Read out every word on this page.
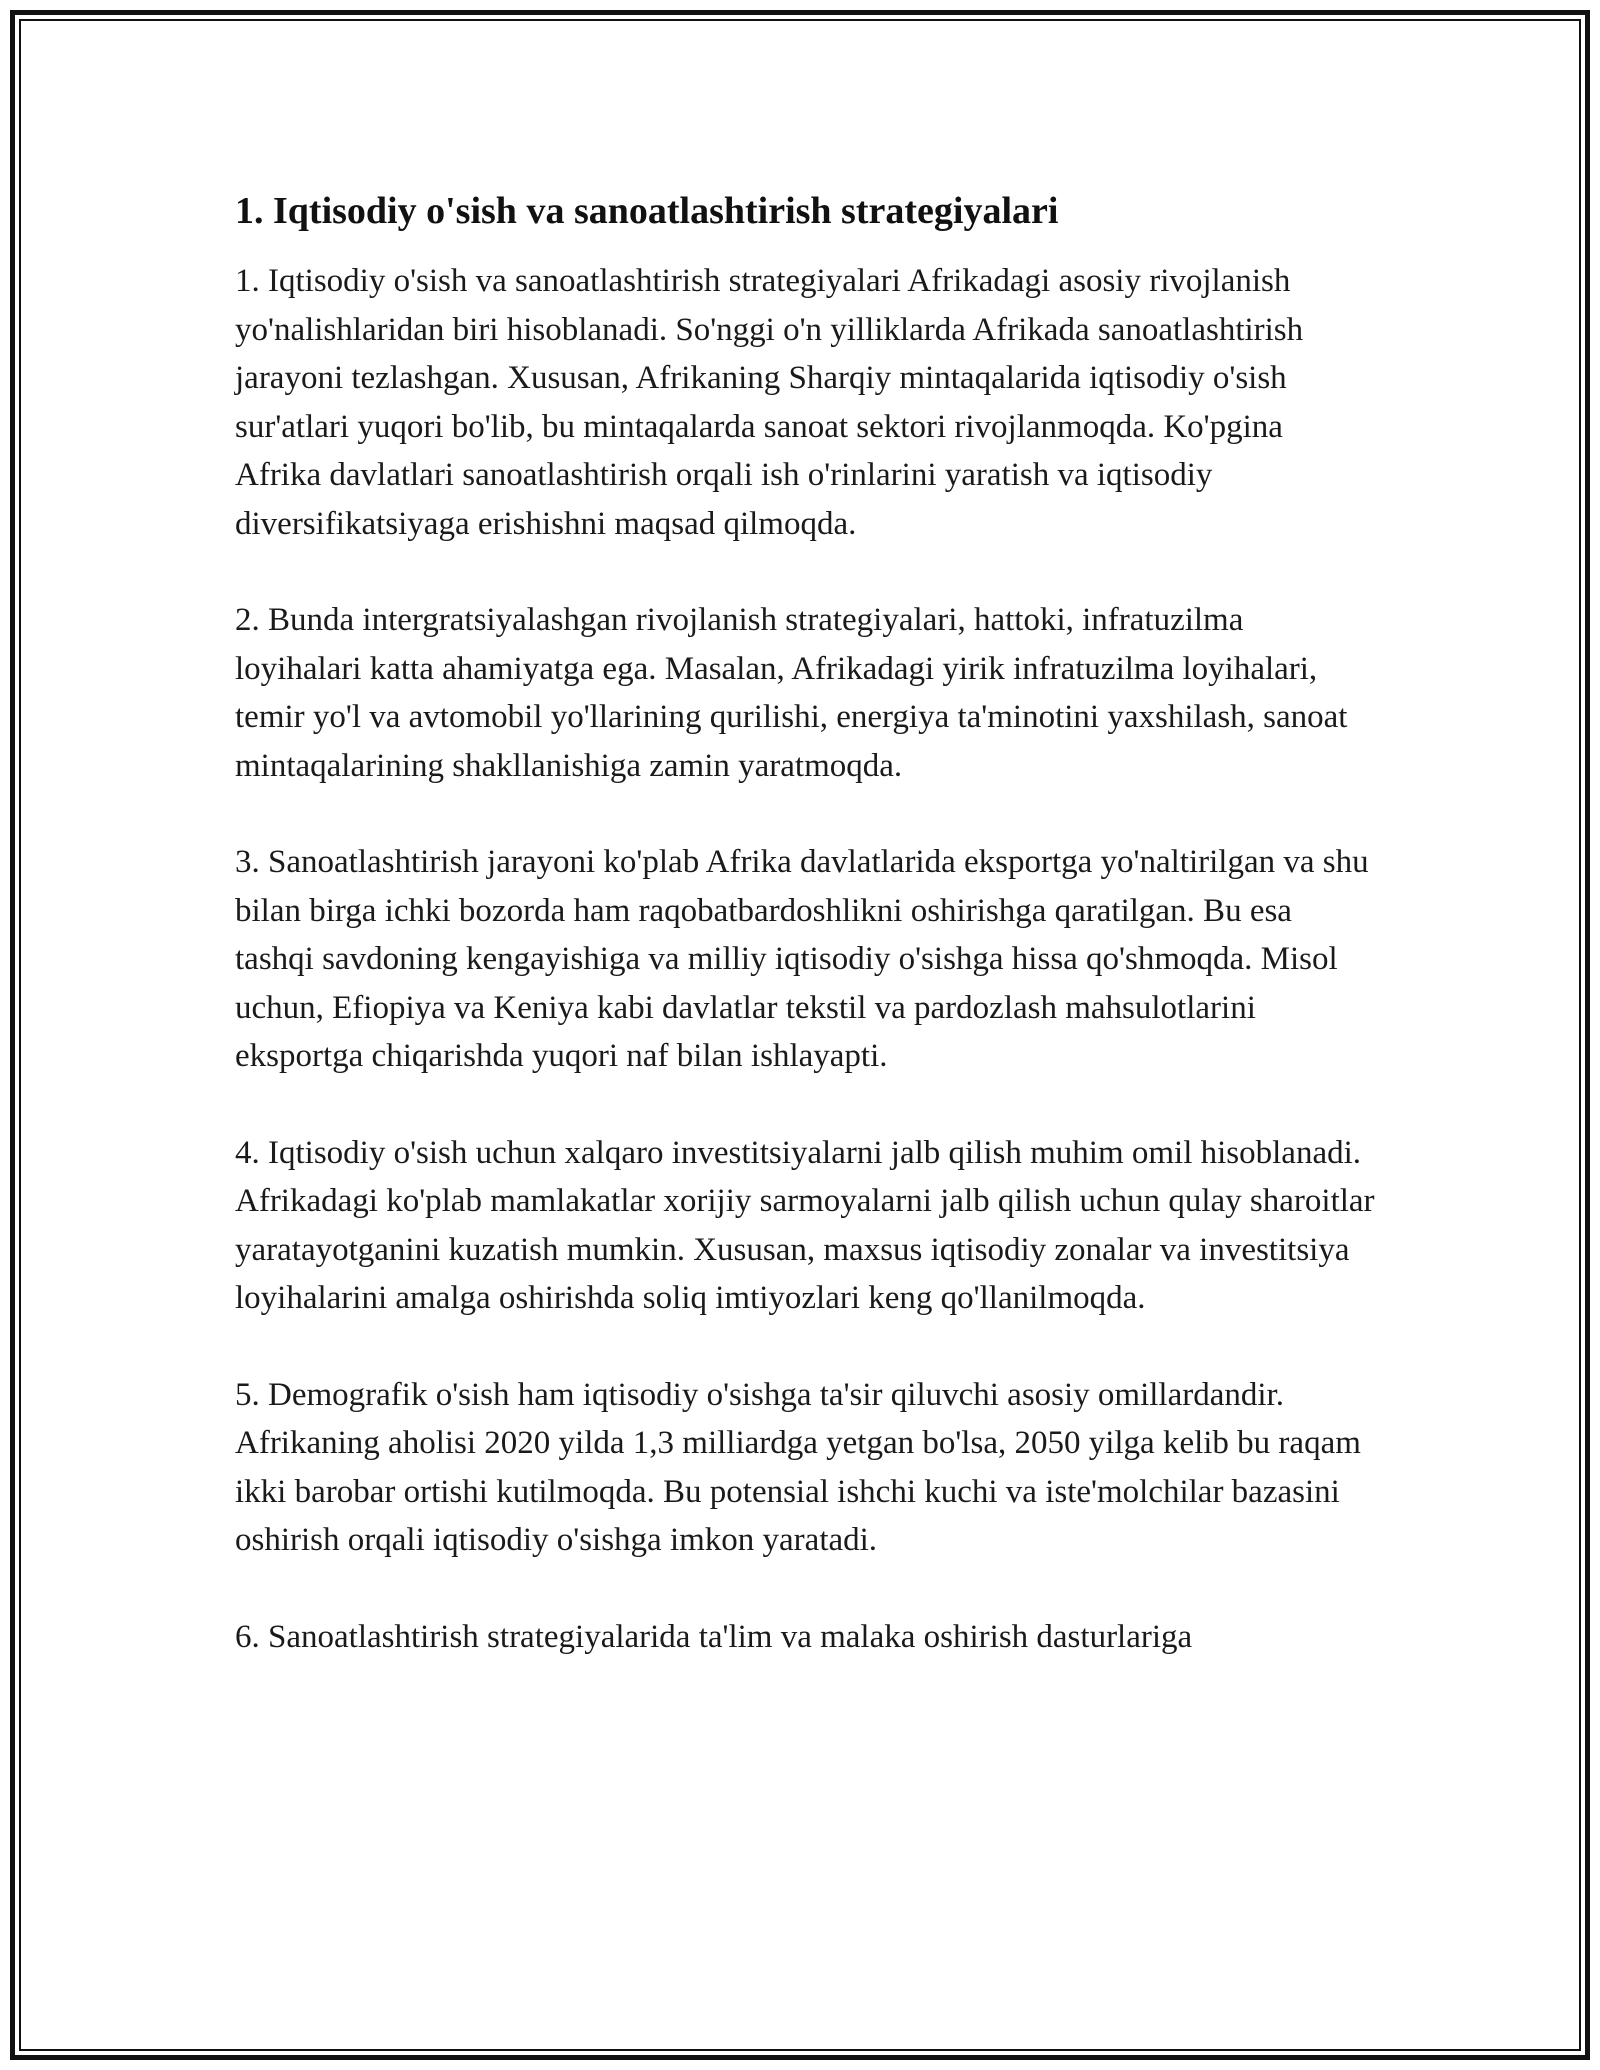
1. Iqtisodiy o'sish va sanoatlashtirish strategiyalari

1. Iqtisodiy o'sish va sanoatlashtirish strategiyalari Afrikadagi asosiy rivojlanish yo'nalishlaridan biri hisoblanadi. So'nggi o'n yilliklarda Afrikada sanoatlashtirish jarayoni tezlashgan. Xususan, Afrikaning Sharqiy mintaqalarida iqtisodiy o'sish sur'atlari yuqori bo'lib, bu mintaqalarda sanoat sektori rivojlanmoqda. Ko'pgina Afrika davlatlari sanoatlashtirish orqali ish o'rinlarini yaratish va iqtisodiy diversifikatsiyaga erishishni maqsad qilmoqda.

2. Bunda intergratsiyalashgan rivojlanish strategiyalari, hattoki, infratuzilma loyihalari katta ahamiyatga ega. Masalan, Afrikadagi yirik infratuzilma loyihalari, temir yo'l va avtomobil yo'llarining qurilishi, energiya ta'minotini yaxshilash, sanoat mintaqalarining shakllanishiga zamin yaratmoqda.

3. Sanoatlashtirish jarayoni ko'plab Afrika davlatlarida eksportga yo'naltirilgan va shu bilan birga ichki bozorda ham raqobatbardoshlikni oshirishga qaratilgan. Bu esa tashqi savdoning kengayishiga va milliy iqtisodiy o'sishga hissa qo'shmoqda. Misol uchun, Efiopiya va Keniya kabi davlatlar tekstil va pardozlash mahsulotlarini eksportga chiqarishda yuqori naf bilan ishlayapti.

4. Iqtisodiy o'sish uchun xalqaro investitsiyalarni jalb qilish muhim omil hisoblanadi. Afrikadagi ko'plab mamlakatlar xorijiy sarmoyalarni jalb qilish uchun qulay sharoitlar yaratayotganini kuzatish mumkin. Xususan, maxsus iqtisodiy zonalar va investitsiya loyihalarini amalga oshirishda soliq imtiyozlari keng qo'llanilmoqda.

5. Demografik o'sish ham iqtisodiy o'sishga ta'sir qiluvchi asosiy omillardandir. Afrikaning aholisi 2020 yilda 1,3 milliardga yetgan bo'lsa, 2050 yilga kelib bu raqam ikki barobar ortishi kutilmoqda. Bu potensial ishchi kuchi va iste'molchilar bazasini oshirish orqali iqtisodiy o'sishga imkon yaratadi.

6. Sanoatlashtirish strategiyalarida ta'lim va malaka oshirish dasturlariga
